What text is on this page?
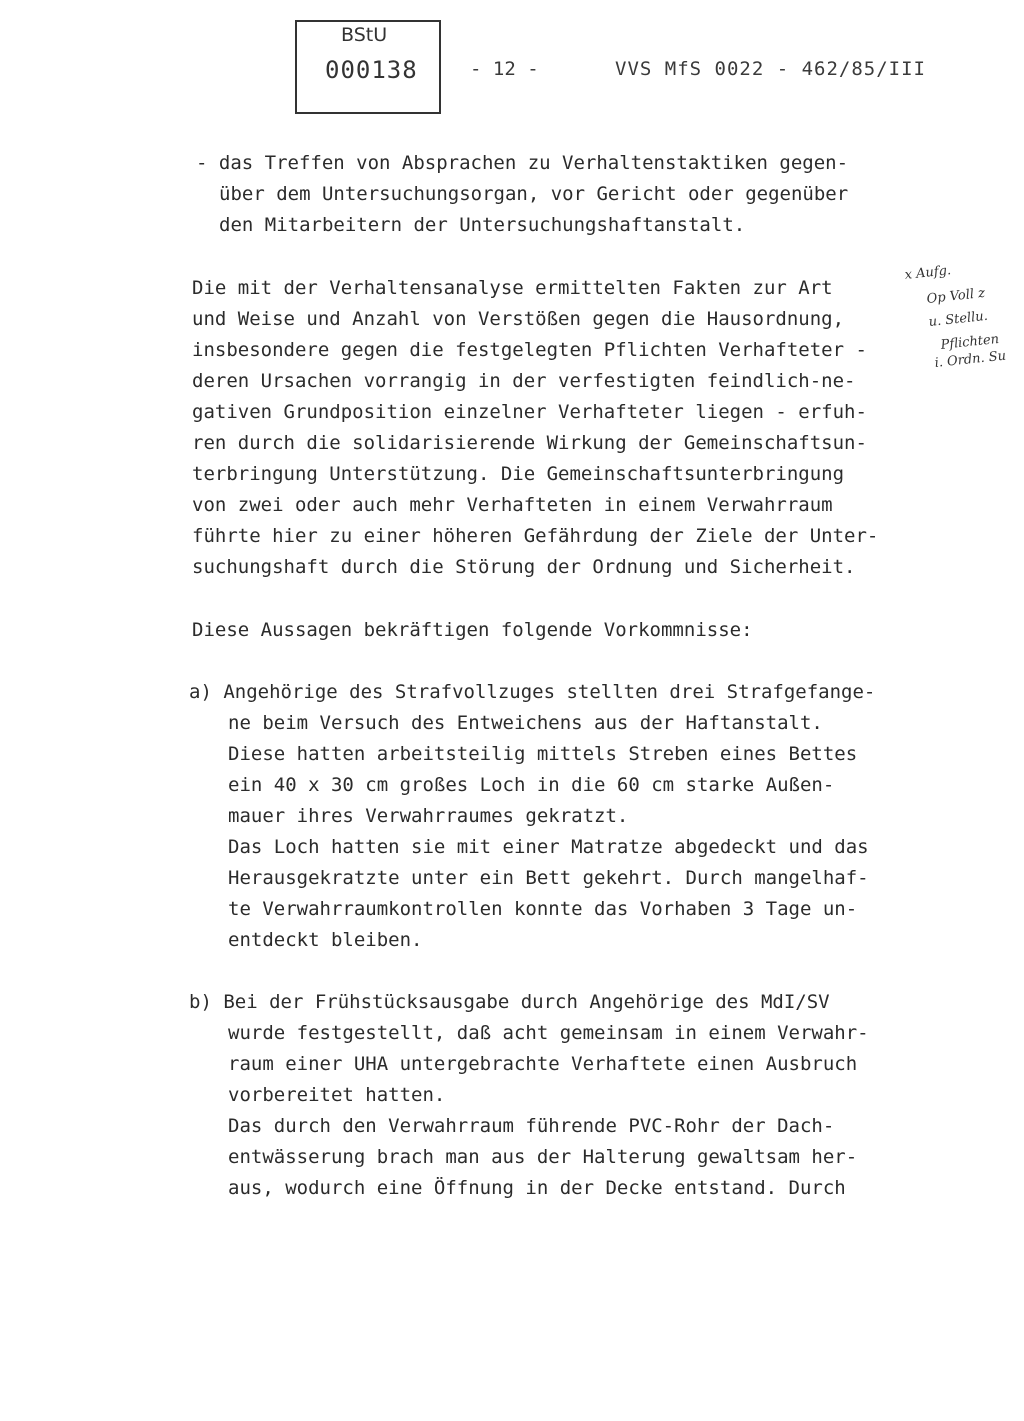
BStU
000138	- 12 -	VVS MfS 0022 - 462/85/III
- das Treffen von Absprachen zu Verhaltenstaktiken gegen-
über dem Untersuchungsorgan, vor Gericht oder gegenüber
den Mitarbeitern der Untersuchungshaftanstalt.
Die mit der Verhaltensanalyse ermittelten Fakten zur Art
und Weise und Anzahl von Verstößen gegen die Hausordnung,
insbesondere gegen die festgelegten Pflichten Verhafteter -
deren Ursachen vorrangig in der verfestigten feindlich-ne-
gativen Grundposition einzelner Verhafteter liegen - erfuh-
ren durch die solidarisierende Wirkung der Gemeinschaftsun-
terbringung Unterstützung. Die Gemeinschaftsunterbringung
von zwei oder auch mehr Verhafteten in einem Verwahrraum
führte hier zu einer höheren Gefährdung der Ziele der Unter-
suchungshaft durch die Störung der Ordnung und Sicherheit.
Diese Aussagen bekräftigen folgende Vorkommnisse:
a) Angehörige des Strafvollzuges stellten drei Strafgefange-
ne beim Versuch des Entweichens aus der Haftanstalt.
Diese hatten arbeitsteilig mittels Streben eines Bettes
ein 40 x 30 cm großes Loch in die 60 cm starke Außen-
mauer ihres Verwahrraumes gekratzt.
Das Loch hatten sie mit einer Matratze abgedeckt und das
Herausgekratzte unter ein Bett gekehrt. Durch mangelhaf-
te Verwahrraumkontrollen konnte das Vorhaben 3 Tage un-
entdeckt bleiben.
b) Bei der Frühstücksausgabe durch Angehörige des MdI/SV
wurde festgestellt, daß acht gemeinsam in einem Verwahr-
raum einer UHA untergebrachte Verhaftete einen Ausbruch
vorbereitet hatten.
Das durch den Verwahrraum führende PVC-Rohr der Dach-
entwässerung brach man aus der Halterung gewaltsam her-
aus, wodurch eine Öffnung in der Decke entstand. Durch
x Aufg.
Op Voll z
u. Stellu.
Pflichten
i. Ordn. Su
